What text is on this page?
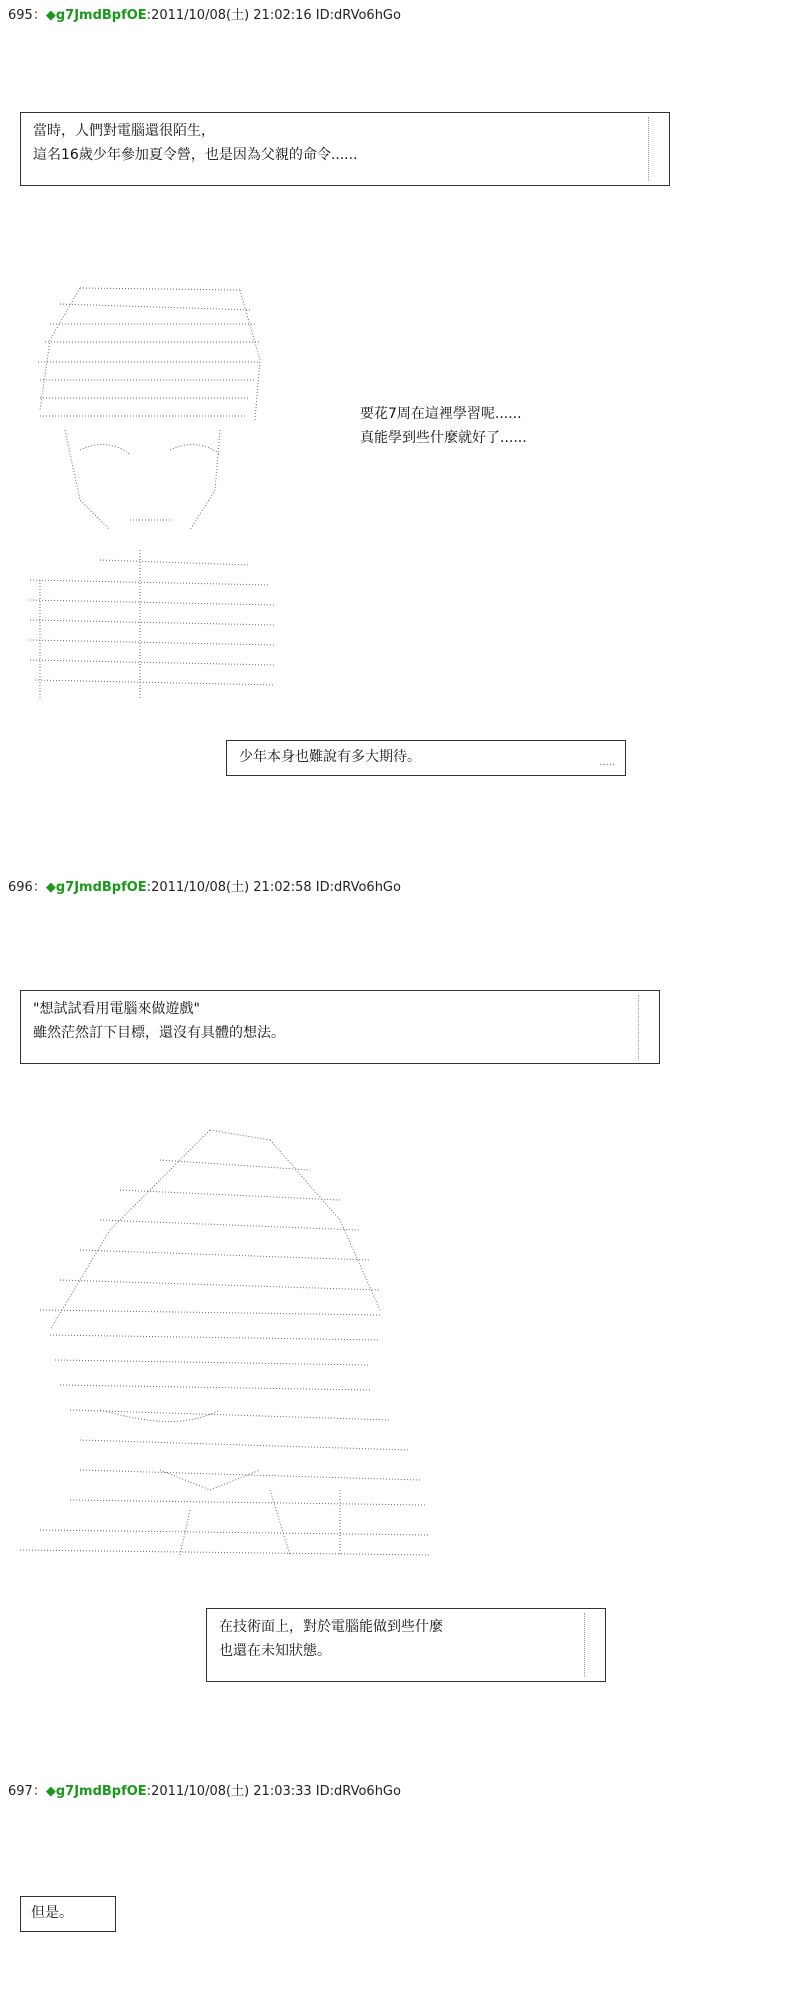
695：◆g7JmdBpfOE:2011/10/08(土) 21:02:16 ID:dRVo6hGo
當時，人們對電腦還很陌生，
這名16歲少年參加夏令營，也是因為父親的命令......
要花7周在這裡學習呢......
真能學到些什麼就好了......
少年本身也難說有多大期待。	.....
696：◆g7JmdBpfOE:2011/10/08(土) 21:02:58 ID:dRVo6hGo
"想試試看用電腦來做遊戲"
雖然茫然訂下目標，還沒有具體的想法。
在技術面上，對於電腦能做到些什麼
也還在未知狀態。
697：◆g7JmdBpfOE:2011/10/08(土) 21:03:33 ID:dRVo6hGo
但是。
